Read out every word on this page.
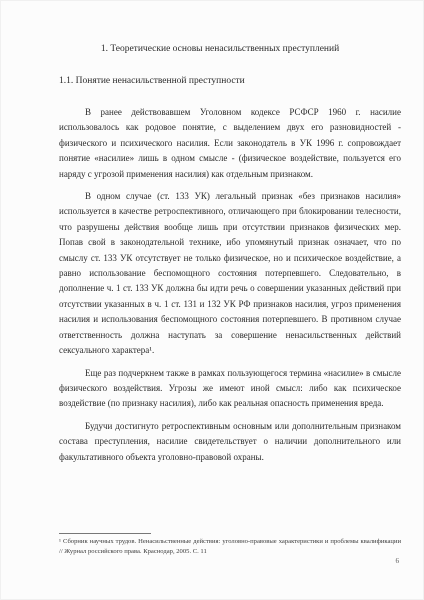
1. Теоретические основы ненасильственных преступлений
1.1. Понятие ненасильственной преступности

В ранее действовавшем Уголовном кодексе РСФСР 1960 г. насилие использовалось как родовое понятие, с выделением двух его разновидностей - физического и психического насилия. Если законодатель в УК 1996 г. сопровождает понятие «насилие» лишь в одном смысле - (физическое воздействие, пользуется его наряду с угрозой применения насилия) как отдельным признаком.

В одном случае (ст. 133 УК) легальный признак «без признаков насилия» используется в качестве ретроспективного, отличающего при блокировании телесности, что разрушены действия вообще лишь при отсутствии признаков физических мер. Попав свой в законодательной технике, ибо упомянутый признак означает, что по смыслу ст. 133 УК отсутствует не только физическое, но и психическое воздействие, а равно использование беспомощного состояния потерпевшего. Следовательно, в дополнение ч. 1 ст. 133 УК должна бы идти речь о совершении указанных действий при отсутствии указанных в ч. 1 ст. 131 и 132 УК РФ признаков насилия, угроз применения насилия и использования беспомощного состояния потерпевшего. В противном случае ответственность должна наступать за совершение ненасильственных действий сексуального характера¹.

Еще раз подчеркнем также в рамках пользующегося термина «насилие» в смысле физического воздействия. Угрозы же имеют иной смысл: либо как психическое воздействие (по признаку насилия), либо как реальная опасность применения вреда.

Будучи достигнуто ретроспективным основным или дополнительным признаком состава преступления, насилие свидетельствует о наличии дополнительного или факультативного объекта уголовно-правовой охраны.

¹ Сборник научных трудов. Ненасильственные действия: уголовно-правовые характеристики и проблемы квалификации // Журнал российского права. Краснодар, 2005. С. 11
6
